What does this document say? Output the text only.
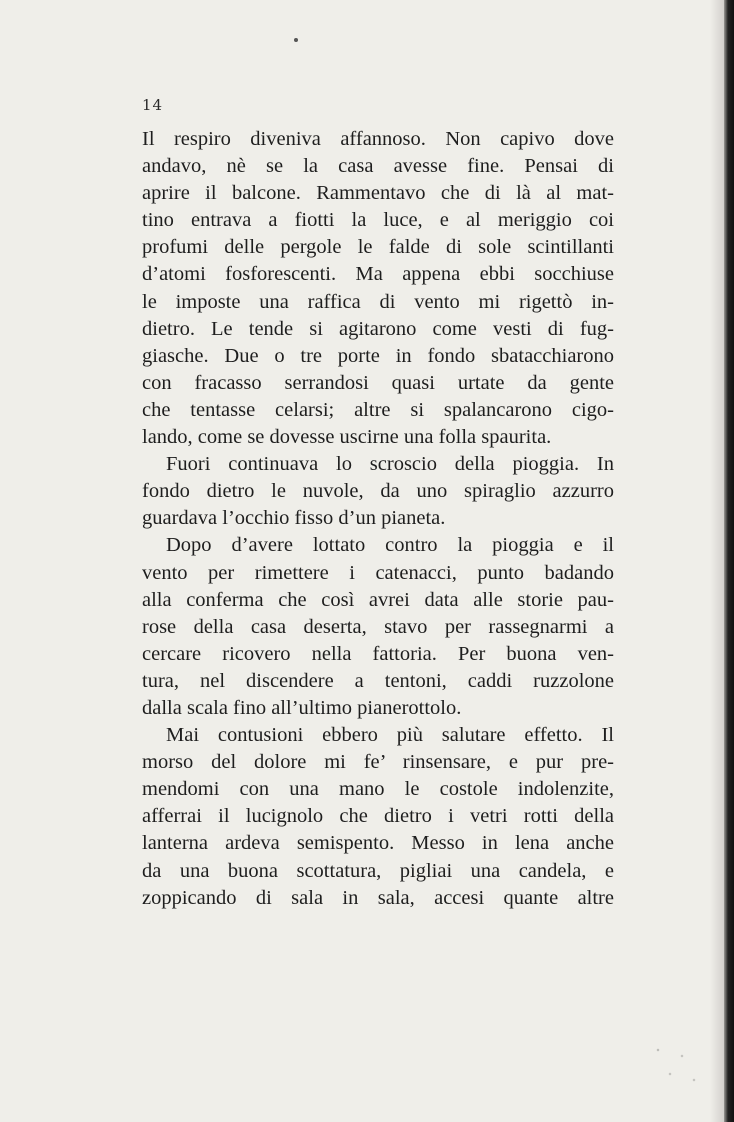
14

Il respiro diveniva affannoso. Non capivo dove
andavo, nè se la casa avesse fine. Pensai di
aprire il balcone. Rammentavo che di là al mat-
tino entrava a fiotti la luce, e al meriggio coi
profumi delle pergole le falde di sole scintillanti
d’atomi fosforescenti. Ma appena ebbi socchiuse
le imposte una raffica di vento mi rigettò in-
dietro. Le tende si agitarono come vesti di fug-
giasche. Due o tre porte in fondo sbatacchiarono
con fracasso serrandosi quasi urtate da gente
che tentasse celarsi; altre si spalancarono cigo-
lando, come se dovesse uscirne una folla spaurita.

Fuori continuava lo scroscio della pioggia. In
fondo dietro le nuvole, da uno spiraglio azzurro
guardava l’occhio fisso d’un pianeta.

Dopo d’avere lottato contro la pioggia e il
vento per rimettere i catenacci, punto badando
alla conferma che così avrei data alle storie pau-
rose della casa deserta, stavo per rassegnarmi a
cercare ricovero nella fattoria. Per buona ven-
tura, nel discendere a tentoni, caddi ruzzolone
dalla scala fino all’ultimo pianerottolo.

Mai contusioni ebbero più salutare effetto. Il
morso del dolore mi fe’ rinsensare, e pur pre-
mendomi con una mano le costole indolenzite,
afferrai il lucignolo che dietro i vetri rotti della
lanterna ardeva semispento. Messo in lena anche
da una buona scottatura, pigliai una candela, e
zoppicando di sala in sala, accesi quante altre
